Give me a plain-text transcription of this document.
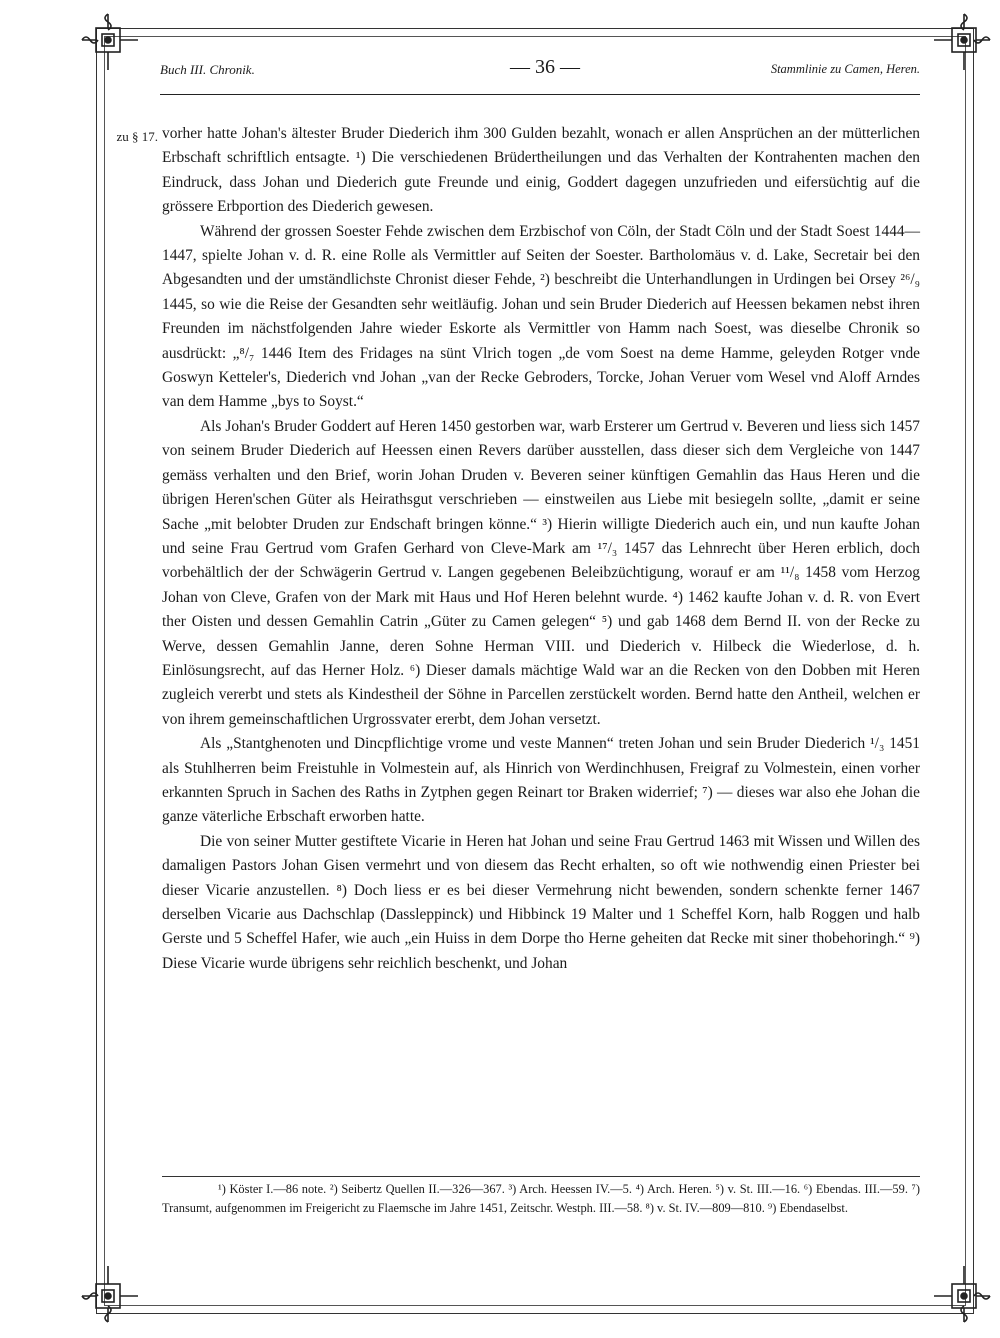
Buch III. Chronik.	— 36 —	Stammlinie zu Camen, Heren.
zu § 17. vorher hatte Johan's ältester Bruder Diederich ihm 300 Gulden bezahlt, wonach er allen Ansprüchen an der mütterlichen Erbschaft schriftlich entsagte. ¹) Die verschiedenen Brüdertheilungen und das Verhalten der Kontrahenten machen den Eindruck, dass Johan und Diederich gute Freunde und einig, Goddert dagegen unzufrieden und eifersüchtig auf die grössere Erbportion des Diederich gewesen.

Während der grossen Soester Fehde zwischen dem Erzbischof von Cöln, der Stadt Cöln und der Stadt Soest 1444—1447, spielte Johan v. d. R. eine Rolle als Vermittler auf Seiten der Soester. Bartholomäus v. d. Lake, Secretair bei den Abgesandten und der umständlichste Chronist dieser Fehde, ²) beschreibt die Unterhandlungen in Urdingen bei Orsey ²⁶/₉ 1445, so wie die Reise der Gesandten sehr weitläufig. Johan und sein Bruder Diederich auf Heessen bekamen nebst ihren Freunden im nächstfolgenden Jahre wieder Eskorte als Vermittler von Hamm nach Soest, was dieselbe Chronik so ausdrückt: „⁸/₇ 1446 Item des Fridages na sünt Vlrich togen „de vom Soest na deme Hamme, geleyden Rotger vnde Goswyn Ketteler's, Diederich vnd Johan „van der Recke Gebroders, Torcke, Johan Veruer vom Wesel vnd Aloff Arndes van dem Hamme „bys to Soyst.“

Als Johan's Bruder Goddert auf Heren 1450 gestorben war, warb Ersterer um Gertrud v. Beveren und liess sich 1457 von seinem Bruder Diederich auf Heessen einen Revers darüber ausstellen, dass dieser sich dem Vergleiche von 1447 gemäss verhalten und den Brief, worin Johan Druden v. Beveren seiner künftigen Gemahlin das Haus Heren und die übrigen Heren'schen Güter als Heirathsgut verschrieben — einstweilen aus Liebe mit besiegeln sollte, „damit er seine Sache „mit belobter Druden zur Endschaft bringen könne.“ ³) Hierin willigte Diederich auch ein, und nun kaufte Johan und seine Frau Gertrud vom Grafen Gerhard von Cleve-Mark am ¹⁷/₃ 1457 das Lehnrecht über Heren erblich, doch vorbehältlich der der Schwägerin Gertrud v. Langen gegebenen Beleibzüchtigung, worauf er am ¹¹/₈ 1458 vom Herzog Johan von Cleve, Grafen von der Mark mit Haus und Hof Heren belehnt wurde. ⁴) 1462 kaufte Johan v. d. R. von Evert ther Oisten und dessen Gemahlin Catrin „Güter zu Camen gelegen“ ⁵) und gab 1468 dem Bernd II. von der Recke zu Werve, dessen Gemahlin Janne, deren Sohne Herman VIII. und Diederich v. Hilbeck die Wiederlose, d. h. Einlösungsrecht, auf das Herner Holz. ⁶) Dieser damals mächtige Wald war an die Recken von den Dobben mit Heren zugleich vererbt und stets als Kindestheil der Söhne in Parcellen zerstückelt worden. Bernd hatte den Antheil, welchen er von ihrem gemeinschaftlichen Urgrossvater ererbt, dem Johan versetzt.

Als „Stantghenoten und Dincpflichtige vrome und veste Mannen“ treten Johan und sein Bruder Diederich ¹/₃ 1451 als Stuhlherren beim Freistuhle in Volmestein auf, als Hinrich von Werdinchhusen, Freigraf zu Volmestein, einen vorher erkannten Spruch in Sachen des Raths in Zytphen gegen Reinart tor Braken widerrief; ⁷) — dieses war also ehe Johan die ganze väterliche Erbschaft erworben hatte.

Die von seiner Mutter gestiftete Vicarie in Heren hat Johan und seine Frau Gertrud 1463 mit Wissen und Willen des damaligen Pastors Johan Gisen vermehrt und von diesem das Recht erhalten, so oft wie nothwendig einen Priester bei dieser Vicarie anzustellen. ⁸) Doch liess er es bei dieser Vermehrung nicht bewenden, sondern schenkte ferner 1467 derselben Vicarie aus Dachschlap (Dassleppinck) und Hibbinck 19 Malter und 1 Scheffel Korn, halb Roggen und halb Gerste und 5 Scheffel Hafer, wie auch „ein Huiss in dem Dorpe tho Herne geheiten dat Recke mit siner thobehoringh.“ ⁹) Diese Vicarie wurde übrigens sehr reichlich beschenkt, und Johan

¹) Köster I.—86 note. ²) Seibertz Quellen II.—326—367. ³) Arch. Heessen IV.—5. ⁴) Arch. Heren. ⁵) v. St. III.—16. ⁶) Ebendas. III.—59. ⁷) Transumt, aufgenommen im Freigericht zu Flaemsche im Jahre 1451, Zeitschr. Westph. III.—58. ⁸) v. St. IV.—809—810. ⁹) Ebendaselbst.
